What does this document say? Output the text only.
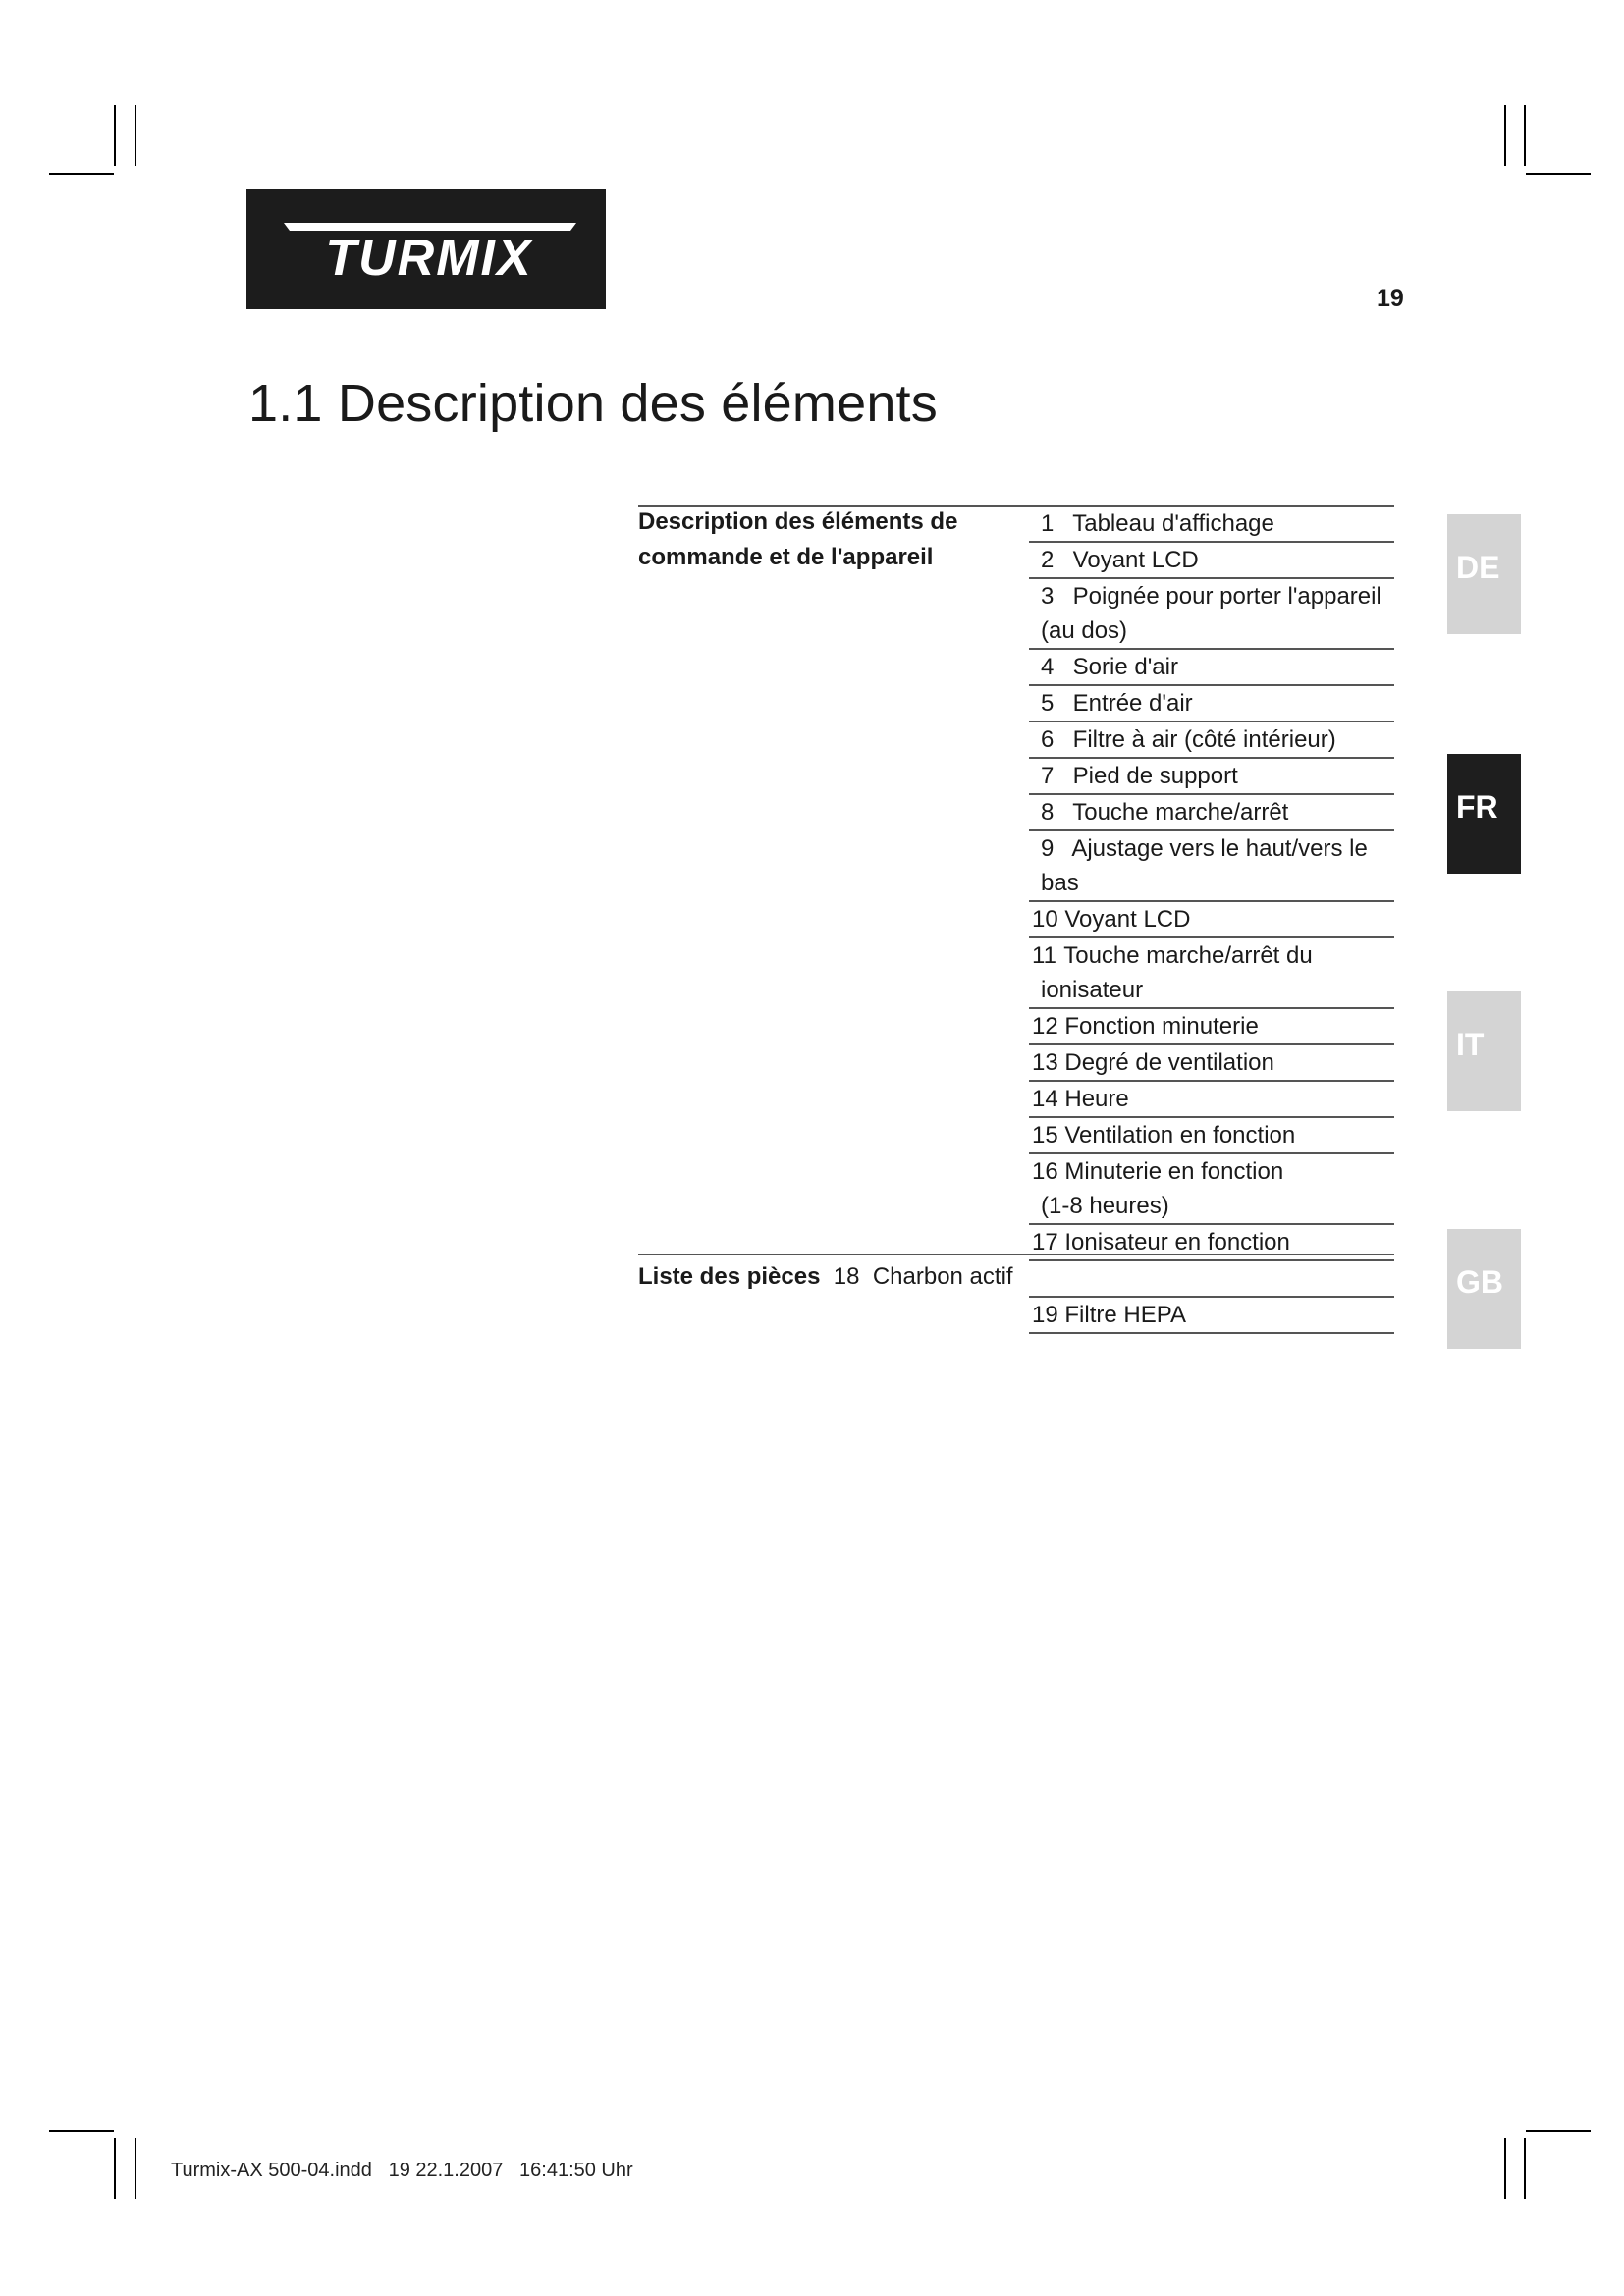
TURMIX
19
1.1 Description des éléments
Description des éléments de
commande et de l'appareil
1 Tableau d'affichage
2 Voyant LCD
3 Poignée pour porter l'appareil
(au dos)
4 Sorie d'air
5 Entrée d'air
6 Filtre à air (côté intérieur)
7 Pied de support
8 Touche marche/arrêt
9 Ajustage vers le haut/vers le bas
10 Voyant LCD
11 Touche marche/arrêt du
ionisateur
12 Fonction minuterie
13 Degré de ventilation
14 Heure
15 Ventilation en fonction
16 Minuterie en fonction
(1-8 heures)
17 Ionisateur en fonction
Liste des pièces 18 Charbon actif
19 Filtre HEPA
DE
FR
IT
GB
Turmix-AX 500-04.indd   19 22.1.2007   16:41:50 Uhr
